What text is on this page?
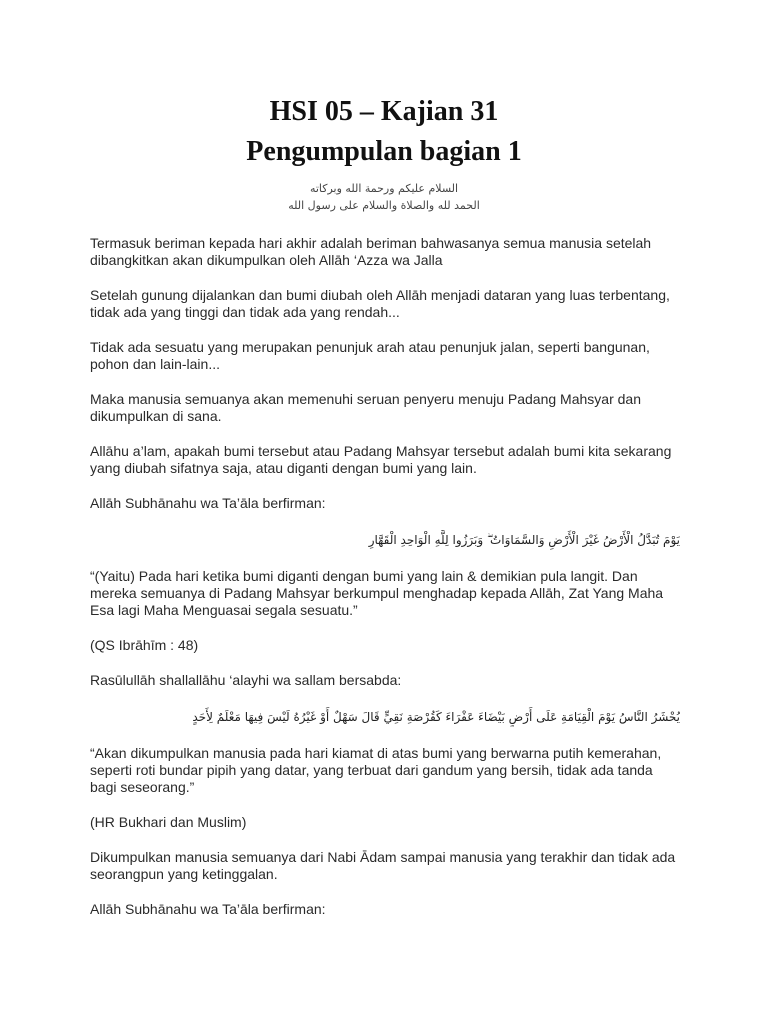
HSI 05 – Kajian 31
Pengumpulan bagian 1
السلام عليكم ورحمة الله وبركاته
الحمد لله والصلاة والسلام على رسول الله

Termasuk beriman kepada hari akhir adalah beriman bahwasanya semua manusia setelah dibangkitkan akan dikumpulkan oleh Allāh ‘Azza wa Jalla

Setelah gunung dijalankan dan bumi diubah oleh Allāh menjadi dataran yang luas terbentang, tidak ada yang tinggi dan tidak ada yang rendah...

Tidak ada sesuatu yang merupakan penunjuk arah atau penunjuk jalan, seperti bangunan, pohon dan lain-lain...

Maka manusia semuanya akan memenuhi seruan penyeru menuju Padang Mahsyar dan dikumpulkan di sana.

Allāhu a’lam, apakah bumi tersebut atau Padang Mahsyar tersebut adalah bumi kita sekarang yang diubah sifatnya saja, atau diganti dengan bumi yang lain.

Allāh Subhānahu wa Ta’āla berfirman:

يَوْمَ تُبَدَّلُ الْأَرْضُ غَيْرَ الْأَرْضِ وَالسَّمَاوَاتُ ۖ وَبَرَزُوا لِلَّهِ الْوَاحِدِ الْقَهَّارِ

“(Yaitu) Pada hari ketika bumi diganti dengan bumi yang lain & demikian pula langit. Dan mereka semuanya di Padang Mahsyar berkumpul menghadap kepada Allāh, Zat Yang Maha Esa lagi Maha Menguasai segala sesuatu.”

(QS Ibrāhīm : 48)

Rasūlullāh shallallāhu ‘alayhi wa sallam bersabda:

يُحْشَرُ النَّاسُ يَوْمَ الْقِيَامَةِ عَلَى أَرْضٍ بَيْضَاءَ عَفْرَاءَ كَقُرْصَةِ نَقِيٍّ قَالَ سَهْلٌ أَوْ غَيْرُهُ لَيْسَ فِيهَا مَعْلَمٌ لِأَحَدٍ

“Akan dikumpulkan manusia pada hari kiamat di atas bumi yang berwarna putih kemerahan, seperti roti bundar pipih yang datar, yang terbuat dari gandum yang bersih, tidak ada tanda bagi seseorang.”

(HR Bukhari dan Muslim)

Dikumpulkan manusia semuanya dari Nabi Ādam sampai manusia yang terakhir dan tidak ada seorangpun yang ketinggalan.

Allāh Subhānahu wa Ta’āla berfirman:
